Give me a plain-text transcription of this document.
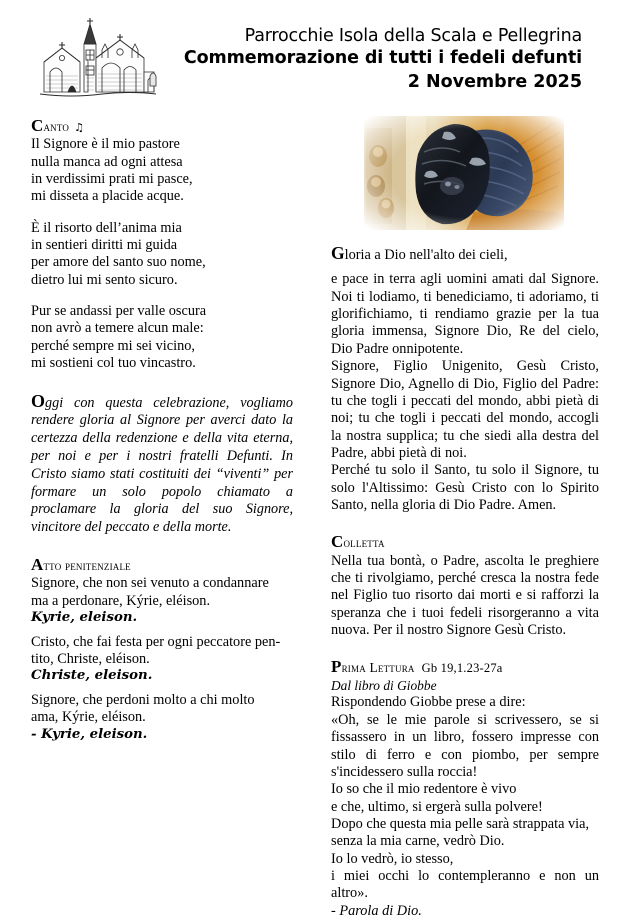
Parrocchie Isola della Scala e Pellegrina
Commemorazione di tutti i fedeli defunti
2 Novembre 2025
Canto ♫
Il Signore è il mio pastore
nulla manca ad ogni attesa
in verdissimi prati mi pasce,
mi disseta a placide acque.
È il risorto dell’anima mia
in sentieri diritti mi guida
per amore del santo suo nome,
dietro lui mi sento sicuro.
Pur se andassi per valle oscura
non avrò a temere alcun male:
perché sempre mi sei vicino,
mi sostieni col tuo vincastro.

Oggi con questa celebrazione, vogliamo rendere gloria al Signore per averci dato la certezza della redenzione e della vita eterna, per noi e per i nostri fratelli Defunti. In Cristo siamo stati costituiti dei “viventi” per formare un solo popolo chiamato a proclamare la gloria del suo Signore, vincitore del peccato e della morte.

Atto penitenziale
Signore, che non sei venuto a condannare
ma a perdonare, Kýrie, eléison.
Kyrie, eleison.
Cristo, che fai festa per ogni peccatore pen-
tito, Christe, eléison.
Christe, eleison.
Signore, che perdoni molto a chi molto
ama, Kýrie, eléison.
- Kyrie, eleison.
Gloria a Dio nell'alto dei cieli,

e pace in terra agli uomini amati dal Signore. Noi ti lodiamo, ti benediciamo, ti adoriamo, ti glorifichiamo, ti rendiamo grazie per la tua gloria immensa, Signore Dio, Re del cielo, Dio Padre onnipotente.

Signore, Figlio Unigenito, Gesù Cristo, Signore Dio, Agnello di Dio, Figlio del Padre: tu che togli i peccati del mondo, abbi pietà di noi; tu che togli i peccati del mondo, accogli la nostra supplica; tu che siedi alla destra del Padre, abbi pietà di noi.

Perché tu solo il Santo, tu solo il Signore, tu solo l'Altissimo: Gesù Cristo con lo Spirito Santo, nella gloria di Dio Padre. Amen.

Colletta

Nella tua bontà, o Padre, ascolta le preghiere che ti rivolgiamo, perché cresca la nostra fede nel Figlio tuo risorto dai morti e si rafforzi la speranza che i tuoi fedeli risorgeranno a vita nuova. Per il nostro Signore Gesù Cristo.

Prima Lettura Gb 19,1.23-27a
Dal libro di Giobbe
Rispondendo Giobbe prese a dire:

«Oh, se le mie parole si scrivessero, se si fissassero in un libro, fossero impresse con stilo di ferro e con piombo, per sempre s'incidessero sulla roccia!

Io so che il mio redentore è vivo
e che, ultimo, si ergerà sulla polvere!
Dopo che questa mia pelle sarà strappata via,
senza la mia carne, vedrò Dio.
Io lo vedrò, io stesso,

i miei occhi lo contempleranno e non un altro».

- Parola di Dio.
